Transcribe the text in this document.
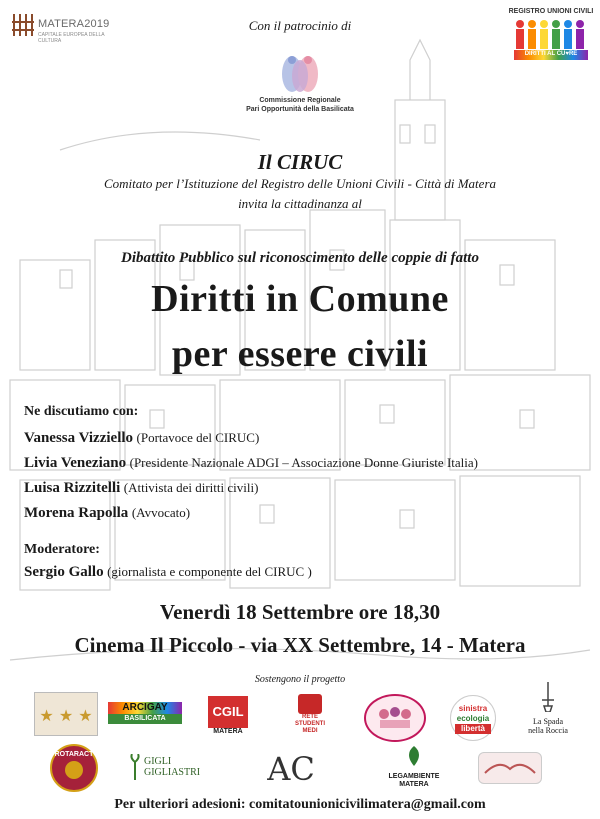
MATERA2019
CAPITALE EUROPEA DELLA CULTURA
Con il patrocinio di
Commissione Regionale
Pari Opportunità della Basilicata
REGISTRO UNIONI CIVILI
DIRITTI AL CU♥RE
Il CIRUC
Comitato per l’Istituzione del Registro delle Unioni Civili - Città di Matera
invita la cittadinanza al
Dibattito Pubblico sul riconoscimento delle coppie di fatto
Diritti in Comune
per essere civili
Ne discutiamo con:
Vanessa Vizziello (Portavoce del CIRUC)
Livia Veneziano (Presidente Nazionale ADGI – Associazione Donne Giuriste Italia)
Luisa Rizzitelli (Attivista dei diritti civili)
Morena Rapolla (Avvocato)
Moderatore:
Sergio Gallo (giornalista e componente del CIRUC )
Venerdì 18 Settembre ore 18,30
Cinema Il Piccolo - via XX Settembre, 14 - Matera
Sostengono il progetto
★ ★ ★	ARCIGAY
BASILICATA	CGIL
MATERA
RETE
STUDENTI
MEDI
sinistra
ecologia
libertà
La Spada
nella Roccia
ROTARACT
GIGLI
GIGLIASTRI AC	LEGAMBIENTE
MATERA
Per ulteriori adesioni: comitatounionicivilimatera@gmail.com
